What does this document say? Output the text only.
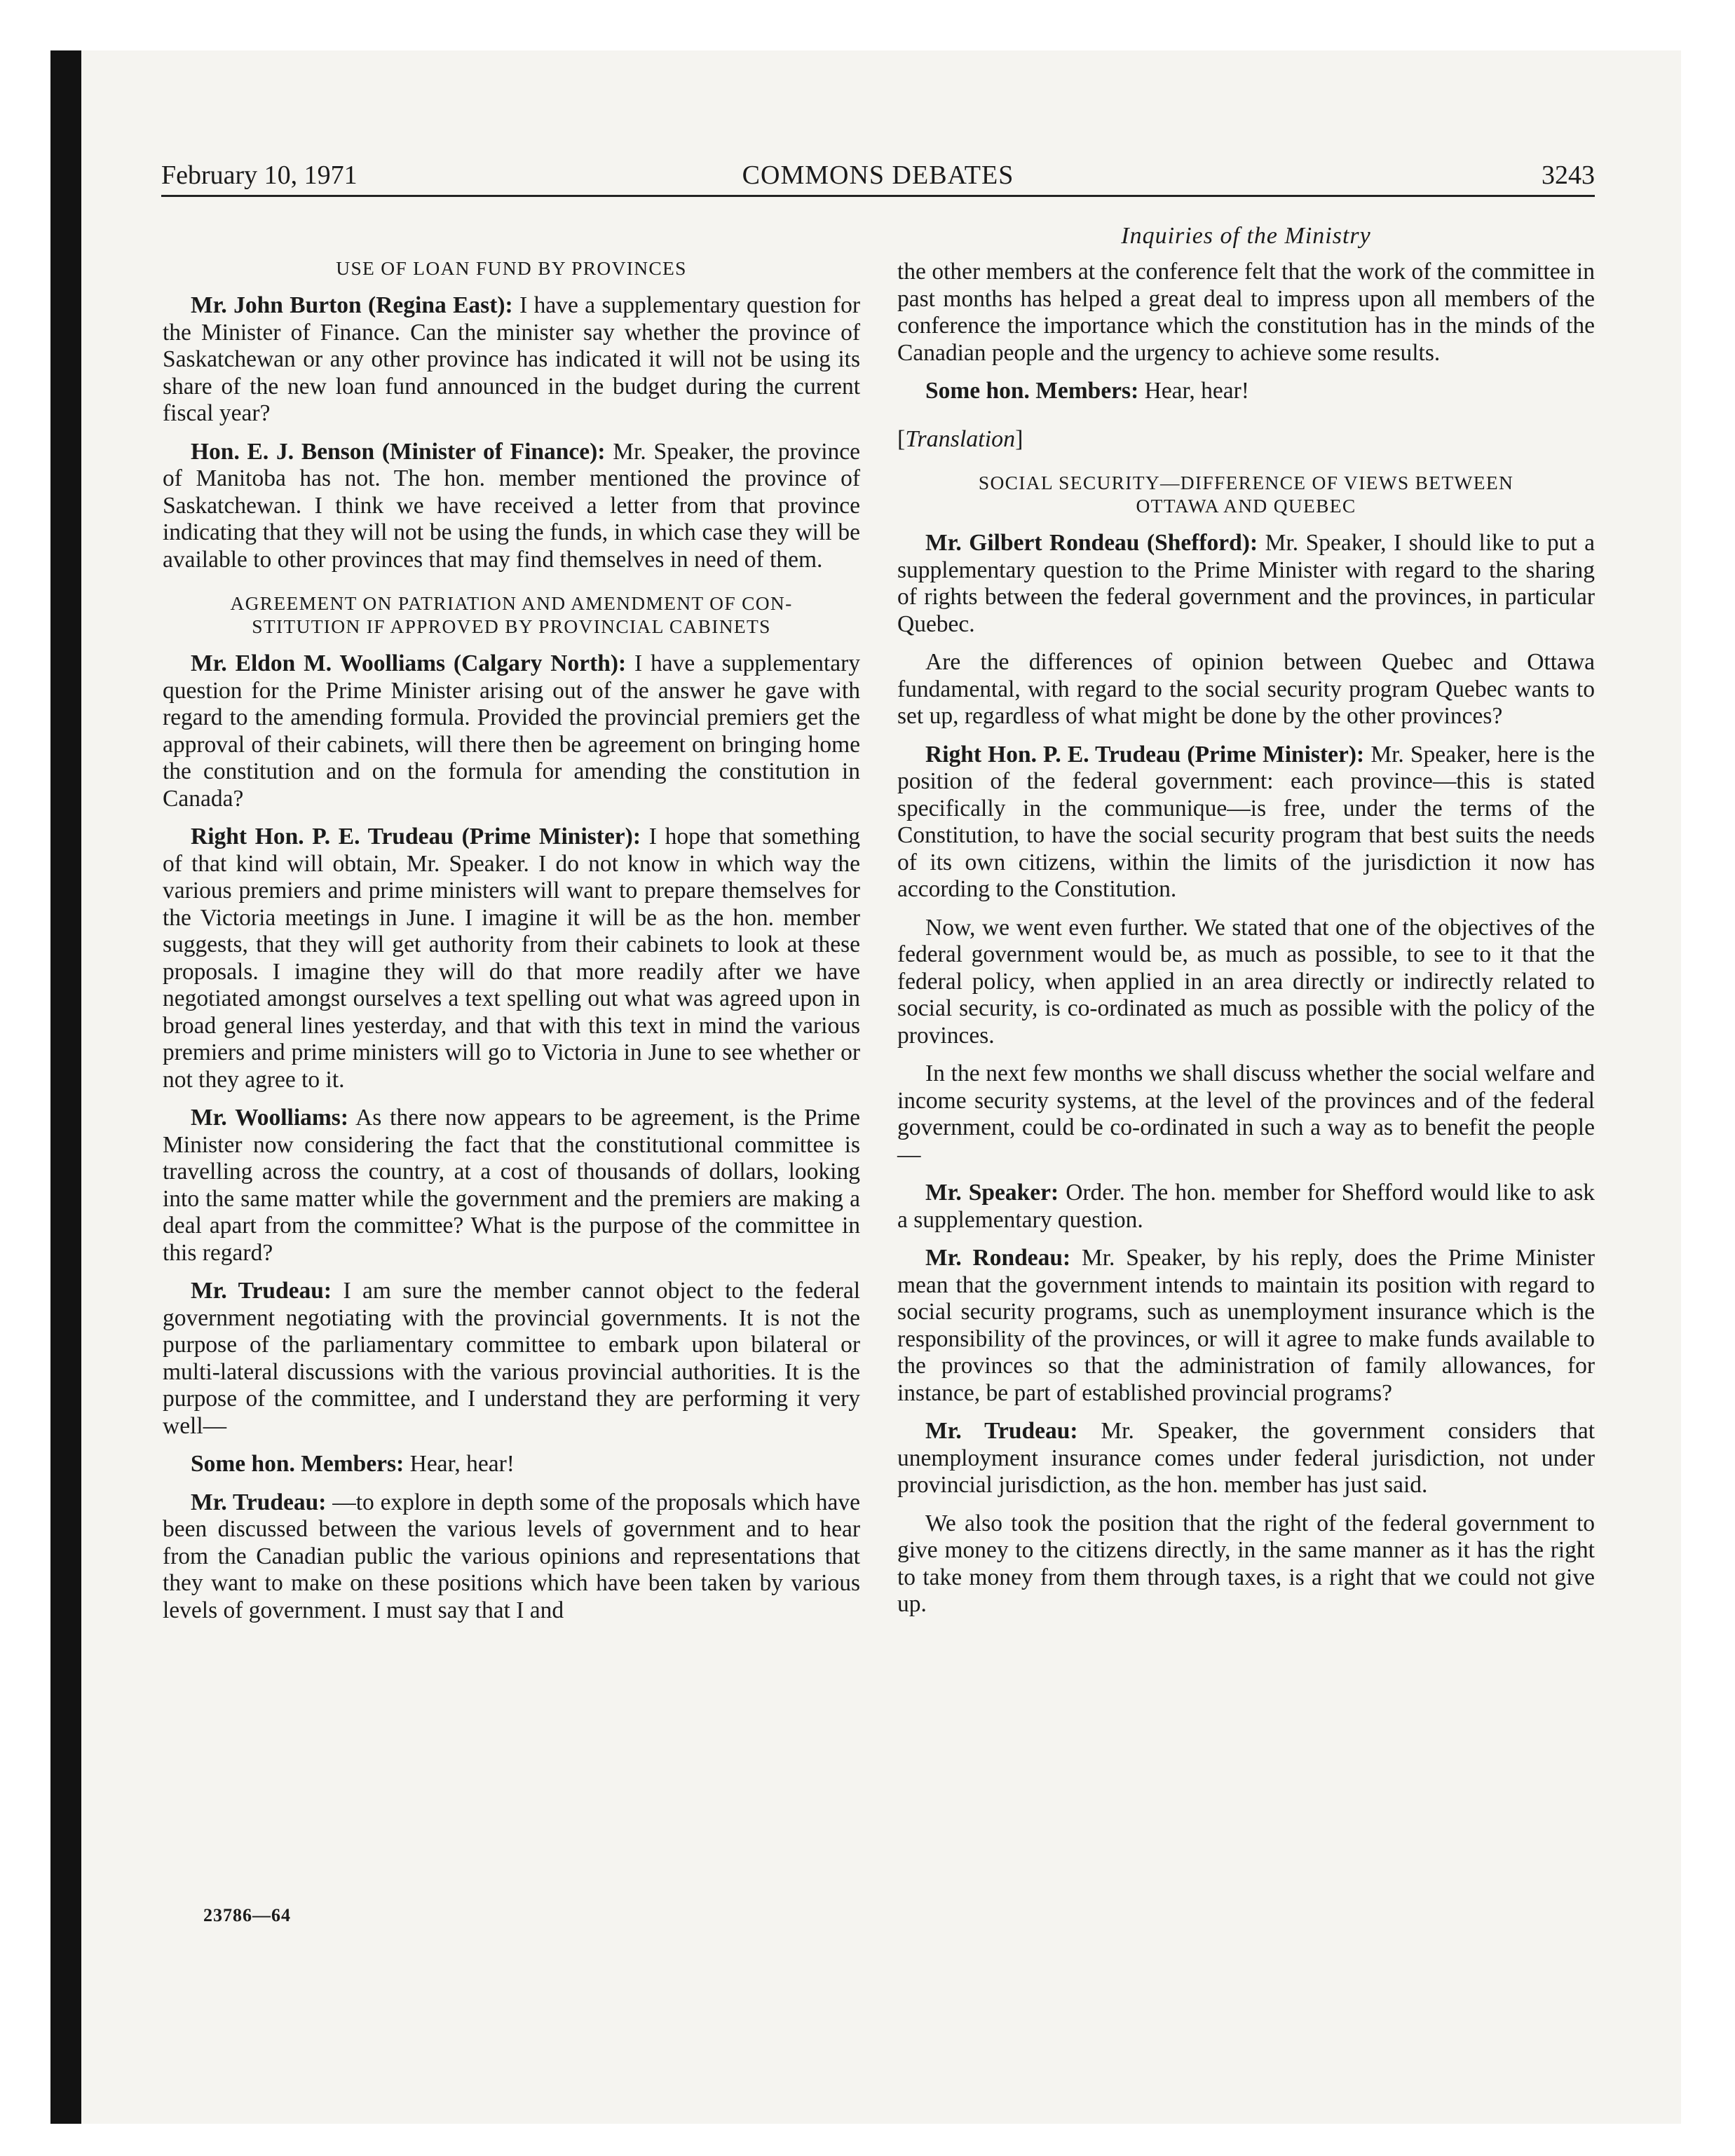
February 10, 1971	COMMONS DEBATES	3243
Inquiries of the Ministry
USE OF LOAN FUND BY PROVINCES

Mr. John Burton (Regina East): I have a supplementary question for the Minister of Finance. Can the minister say whether the province of Saskatchewan or any other province has indicated it will not be using its share of the new loan fund announced in the budget during the current fiscal year?

Hon. E. J. Benson (Minister of Finance): Mr. Speaker, the province of Manitoba has not. The hon. member mentioned the province of Saskatchewan. I think we have received a letter from that province indicating that they will not be using the funds, in which case they will be available to other provinces that may find themselves in need of them.

AGREEMENT ON PATRIATION AND AMENDMENT OF CON-
STITUTION IF APPROVED BY PROVINCIAL CABINETS

Mr. Eldon M. Woolliams (Calgary North): I have a supplementary question for the Prime Minister arising out of the answer he gave with regard to the amending formula. Provided the provincial premiers get the approval of their cabinets, will there then be agreement on bringing home the constitution and on the formula for amending the constitution in Canada?

Right Hon. P. E. Trudeau (Prime Minister): I hope that something of that kind will obtain, Mr. Speaker. I do not know in which way the various premiers and prime ministers will want to prepare themselves for the Victoria meetings in June. I imagine it will be as the hon. member suggests, that they will get authority from their cabinets to look at these proposals. I imagine they will do that more readily after we have negotiated amongst ourselves a text spelling out what was agreed upon in broad general lines yesterday, and that with this text in mind the various premiers and prime ministers will go to Victoria in June to see whether or not they agree to it.

Mr. Woolliams: As there now appears to be agreement, is the Prime Minister now considering the fact that the constitutional committee is travelling across the country, at a cost of thousands of dollars, looking into the same matter while the government and the premiers are making a deal apart from the committee? What is the purpose of the committee in this regard?

Mr. Trudeau: I am sure the member cannot object to the federal government negotiating with the provincial governments. It is not the purpose of the parliamentary committee to embark upon bilateral or multi-lateral discussions with the various provincial authorities. It is the purpose of the committee, and I understand they are performing it very well—

Some hon. Members: Hear, hear!

Mr. Trudeau: —to explore in depth some of the proposals which have been discussed between the various levels of government and to hear from the Canadian public the various opinions and representations that they want to make on these positions which have been taken by various levels of government. I must say that I and

the other members at the conference felt that the work of the committee in past months has helped a great deal to impress upon all members of the conference the importance which the constitution has in the minds of the Canadian people and the urgency to achieve some results.

Some hon. Members: Hear, hear!

[Translation]
SOCIAL SECURITY—DIFFERENCE OF VIEWS BETWEEN
OTTAWA AND QUEBEC

Mr. Gilbert Rondeau (Shefford): Mr. Speaker, I should like to put a supplementary question to the Prime Minister with regard to the sharing of rights between the federal government and the provinces, in particular Quebec.

Are the differences of opinion between Quebec and Ottawa fundamental, with regard to the social security program Quebec wants to set up, regardless of what might be done by the other provinces?

Right Hon. P. E. Trudeau (Prime Minister): Mr. Speaker, here is the position of the federal government: each province—this is stated specifically in the communique—is free, under the terms of the Constitution, to have the social security program that best suits the needs of its own citizens, within the limits of the jurisdiction it now has according to the Constitution.

Now, we went even further. We stated that one of the objectives of the federal government would be, as much as possible, to see to it that the federal policy, when applied in an area directly or indirectly related to social security, is co-ordinated as much as possible with the policy of the provinces.

In the next few months we shall discuss whether the social welfare and income security systems, at the level of the provinces and of the federal government, could be co-ordinated in such a way as to benefit the people—

Mr. Speaker: Order. The hon. member for Shefford would like to ask a supplementary question.

Mr. Rondeau: Mr. Speaker, by his reply, does the Prime Minister mean that the government intends to maintain its position with regard to social security programs, such as unemployment insurance which is the responsibility of the provinces, or will it agree to make funds available to the provinces so that the administration of family allowances, for instance, be part of established provincial programs?

Mr. Trudeau: Mr. Speaker, the government considers that unemployment insurance comes under federal jurisdiction, not under provincial jurisdiction, as the hon. member has just said.

We also took the position that the right of the federal government to give money to the citizens directly, in the same manner as it has the right to take money from them through taxes, is a right that we could not give up.

23786—64
